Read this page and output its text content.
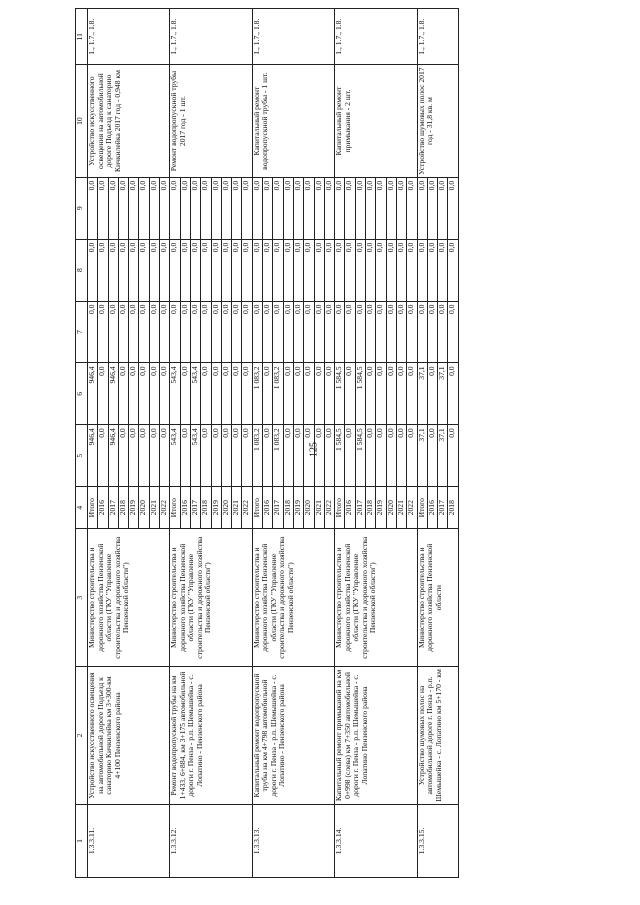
125
1	2	3	4	5	6	7	8	9	10	11
1.3.3.11.	Устройство искусственного освещения на автомобильной дороге Подъезд к санаторию Кичкилейка км 3+300-км 4+100 Пензенского района	Министерство строительства и дорожного хозяйства Пензенской области (ГКУ "Управление строительства и дорожного хозяйства Пензенской области")	Итого	946,4	946,4	0,0	0,0	0,0	Устройство искусственного освещения на автомобильной дороге Подъезд к санаторию Кичкилейка 2017 год - 0,948 км	1., 1.7., 1.8.
			2016	0,0	0,0	0,0	0,0	0,0		
			2017	946,4	946,4	0,0	0,0	0,0		
			2018	0,0	0,0	0,0	0,0	0,0		
			2019	0,0	0,0	0,0	0,0	0,0		
			2020	0,0	0,0	0,0	0,0	0,0		
			2021	0,0	0,0	0,0	0,0	0,0		
			2022	0,0	0,0	0,0	0,0	0,0		
1.3.3.12.	Ремонт водопропускной трубы на км 1+433, 6+884, км 3+175 автомобильной дороги г. Пенза - р.п. Шемышейка - с. Лопатино - Пензенского района	Министерство строительства и дорожного хозяйства Пензенской области (ГКУ "Управление строительства и дорожного хозяйства Пензенской области")	Итого	543,4	543,4	0,0	0,0	0,0	Ремонт водопропускной трубы 2017 год - 1 шт.	1., 1.7., 1.8.
			2016	0,0	0,0	0,0	0,0	0,0		
			2017	543,4	543,4	0,0	0,0	0,0		
			2018	0,0	0,0	0,0	0,0	0,0		
			2019	0,0	0,0	0,0	0,0	0,0		
			2020	0,0	0,0	0,0	0,0	0,0		
			2021	0,0	0,0	0,0	0,0	0,0		
			2022	0,0	0,0	0,0	0,0	0,0		
1.3.3.13.	Капитальный ремонт водопропускной трубы на км 4+798 автомобильной дороги г. Пенза - р.п. Шемышейка - с. Лопатино - Пензенского района	Министерство строительства и дорожного хозяйства Пензенской области (ГКУ "Управление строительства и дорожного хозяйства Пензенской области")	Итого	1 083,2	1 083,2	0,0	0,0	0,0	Капитальный ремонт водопропускной трубы - 1 шт.	1., 1.7., 1.8.
			2016	0,0	0,0	0,0	0,0	0,0		
			2017	1 083,2	1 083,2	0,0	0,0	0,0		
			2018	0,0	0,0	0,0	0,0	0,0		
			2019	0,0	0,0	0,0	0,0	0,0		
			2020	0,0	0,0	0,0	0,0	0,0		
			2021	0,0	0,0	0,0	0,0	0,0		
			2022	0,0	0,0	0,0	0,0	0,0		
1.3.3.14.	Капитальный ремонт примыканий на км 0+998 (слева) км 7+350 автомобильной дороги г. Пенза - р.п. Шемышейка - с. Лопатино Пензенского района	Министерство строительства и дорожного хозяйства Пензенской области (ГКУ "Управление строительства и дорожного хозяйства Пензенской области")	Итого	1 584,5	1 584,5	0,0	0,0	0,0	Капитальный ремонт примыкания - 2 шт.	1., 1.7., 1.8.
			2016	0,0	0,0	0,0	0,0	0,0		
			2017	1 584,5	1 584,5	0,0	0,0	0,0		
			2018	0,0	0,0	0,0	0,0	0,0		
			2019	0,0	0,0	0,0	0,0	0,0		
			2020	0,0	0,0	0,0	0,0	0,0		
			2021	0,0	0,0	0,0	0,0	0,0		
			2022	0,0	0,0	0,0	0,0	0,0		
1.3.3.15.	Устройство шумовых полос на автомобильной дороге г. Пенза - р.п. Шемышейка - с. Лопатино км 5+170 - км	Министерство строительства и дорожного хозяйства Пензенской области	Итого	37,1	37,1	0,0	0,0	0,0	Устройство шумовых полос 2017 год - 31,8 кв. м	1., 1.7., 1.8.
			2016	0,0	0,0	0,0	0,0	0,0		
			2017	37,1	37,1	0,0	0,0	0,0		
			2018	0,0	0,0	0,0	0,0	0,0		
